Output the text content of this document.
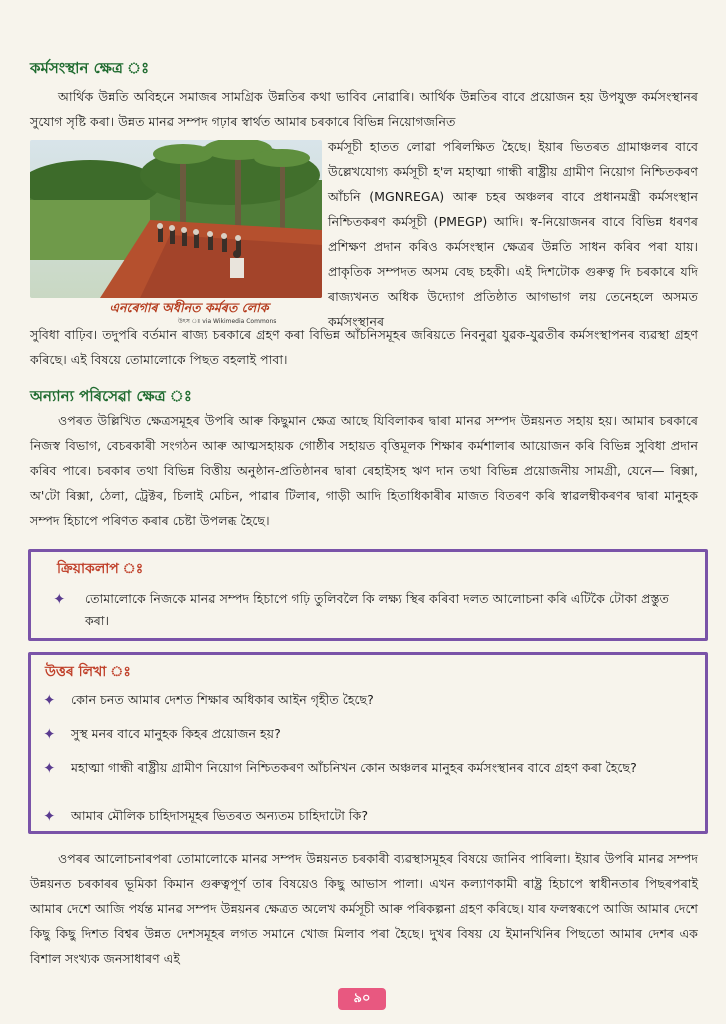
কৰ্মসংস্থান ক্ষেত্ৰ ঃ
আৰ্থিক উন্নতি অবিহনে সমাজৰ সামগ্ৰিক উন্নতিৰ কথা ভাবিব নোৱাৰি। আৰ্থিক উন্নতিৰ বাবে প্ৰয়োজন হয় উপযুক্ত কৰ্মসংস্থানৰ সুযোগ সৃষ্টি কৰা। উন্নত মানৱ সম্পদ গঢ়াৰ স্বাৰ্থত আমাৰ চৰকাৰে বিভিন্ন নিয়োগজনিত
কৰ্মসূচী হাতত লোৱা পৰিলক্ষিত হৈছে। ইয়াৰ ভিতৰত গ্ৰামাঞ্চলৰ বাবে উল্লেখযোগ্য কৰ্মসূচী হ'ল মহাত্মা গান্ধী ৰাষ্ট্ৰীয় গ্ৰামীণ নিয়োগ নিশ্চিতকৰণ আঁচনি (MGNREGA) আৰু চহৰ অঞ্চলৰ বাবে প্ৰধানমন্ত্ৰী কৰ্মসংস্থান নিশ্চিতকৰণ কৰ্মসূচী (PMEGP) আদি। স্ব-নিয়োজনৰ বাবে বিভিন্ন ধৰণৰ প্ৰশিক্ষণ প্ৰদান কৰিও কৰ্মসংস্থান ক্ষেত্ৰৰ উন্নতি সাধন কৰিব পৰা যায়। প্ৰাকৃতিক সম্পদত অসম বেছ চহকী। এই দিশটোক গুৰুত্ব দি চৰকাৰে যদি ৰাজ্যখনত অধিক উদ্যোগ প্ৰতিষ্ঠাত আগভাগ লয় তেনেহলে অসমত কৰ্মসংস্থানৰ
এনৰেগাৰ অধীনত কৰ্মৰত লোক
উৎস ঃ via Wikimedia Commons
সুবিধা বাঢ়িব। তদুপৰি বৰ্তমান ৰাজ্য চৰকাৰে গ্ৰহণ কৰা বিভিন্ন আঁচনিসমূহৰ জৰিয়তে নিবনুৱা যুৱক-যুৱতীৰ কৰ্মসংস্থাপনৰ ব্যৱস্থা গ্ৰহণ কৰিছে। এই বিষয়ে তোমালোকে পিছত বহলাই পাবা।
অন্যান্য পৰিসেৱা ক্ষেত্ৰ ঃ
ওপৰত উল্লিখিত ক্ষেত্ৰসমূহৰ উপৰি আৰু কিছুমান ক্ষেত্ৰ আছে যিবিলাকৰ দ্বাৰা মানৱ সম্পদ উন্নয়নত সহায় হয়। আমাৰ চৰকাৰে নিজস্ব বিভাগ, বেচৰকাৰী সংগঠন আৰু আত্মসহায়ক গোষ্ঠীৰ সহায়ত বৃত্তিমূলক শিক্ষাৰ কৰ্মশালাৰ আয়োজন কৰি বিভিন্ন সুবিধা প্ৰদান কৰিব পাৰে। চৰকাৰ তথা বিভিন্ন বিত্তীয় অনুষ্ঠান-প্ৰতিষ্ঠানৰ দ্বাৰা ৰেহাইসহ ঋণ দান তথা বিভিন্ন প্ৰয়োজনীয় সামগ্ৰী, যেনে— ৰিক্সা, অ'টো ৰিক্সা, ঠেলা, ট্ৰেক্টৰ, চিলাই মেচিন, পাৱাৰ টিলাৰ, গাড়ী আদি হিতাধিকাৰীৰ মাজত বিতৰণ কৰি স্বাৱলম্বীকৰণৰ দ্বাৰা মানুহক সম্পদ হিচাপে পৰিণত কৰাৰ চেষ্টা উপলব্ধ হৈছে।
ক্ৰিয়াকলাপ ঃ
✦ তোমালোকে নিজকে মানৱ সম্পদ হিচাপে গঢ়ি তুলিবলৈ কি লক্ষ্য স্থিৰ কৰিবা দলত আলোচনা কৰি এটিকৈ টোকা প্ৰস্তুত কৰা।
উত্তৰ লিখা ঃ
✦ কোন চনত আমাৰ দেশত শিক্ষাৰ অধিকাৰ আইন গৃহীত হৈছে?
✦ সুস্থ মনৰ বাবে মানুহক কিহৰ প্ৰয়োজন হয়?
✦ মহাত্মা গান্ধী ৰাষ্ট্ৰীয় গ্ৰামীণ নিয়োগ নিশ্চিতকৰণ আঁচনিখন কোন অঞ্চলৰ মানুহৰ কৰ্মসংস্থানৰ বাবে গ্ৰহণ কৰা হৈছে?
✦ আমাৰ মৌলিক চাহিদাসমূহৰ ভিতৰত অন্যতম চাহিদাটো কি?
ওপৰৰ আলোচনাৰপৰা তোমালোকে মানৱ সম্পদ উন্নয়নত চৰকাৰী ব্যৱস্থাসমূহৰ বিষয়ে জানিব পাৰিলা। ইয়াৰ উপৰি মানৱ সম্পদ উন্নয়নত চৰকাৰৰ ভূমিকা কিমান গুৰুত্বপূৰ্ণ তাৰ বিষয়েও কিছু আভাস পালা। এখন কল্যাণকামী ৰাষ্ট্ৰ হিচাপে স্বাধীনতাৰ পিছৰপৰাই আমাৰ দেশে আজি পৰ্যন্ত মানৱ সম্পদ উন্নয়নৰ ক্ষেত্ৰত অলেখ কৰ্মসূচী আৰু পৰিকল্পনা গ্ৰহণ কৰিছে। যাৰ ফলস্বৰূপে আজি আমাৰ দেশে কিছু কিছু দিশত বিশ্বৰ উন্নত দেশসমূহৰ লগত সমানে খোজ মিলাব পৰা হৈছে। দুখৰ বিষয় যে ইমানখিনিৰ পিছতো আমাৰ দেশৰ এক বিশাল সংখ্যক জনসাধাৰণ এই
৯০
